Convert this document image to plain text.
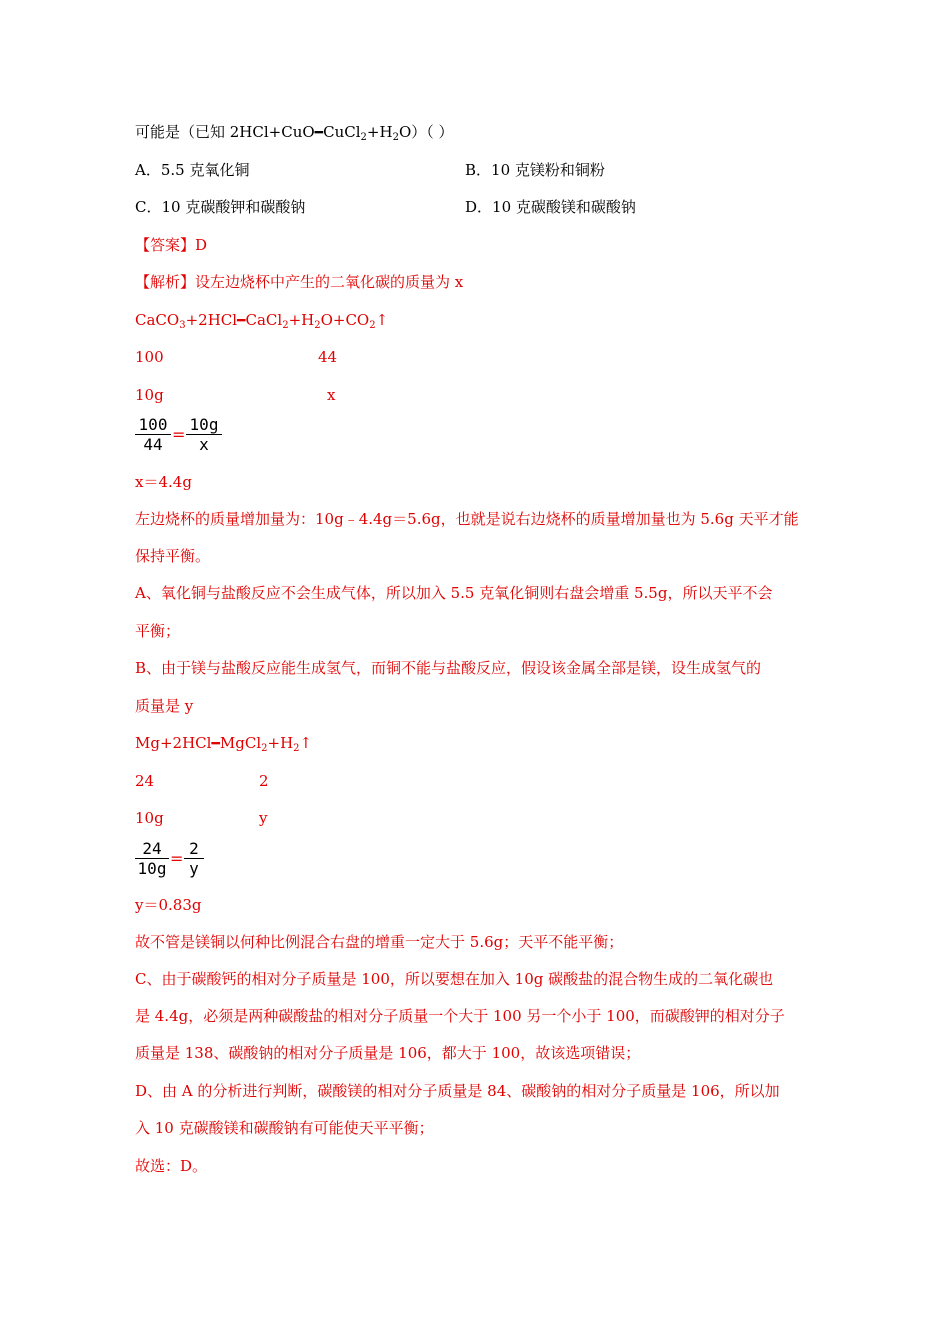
可能是（已知 $2HCl+CuO━CuCl_2+H_2O$）（ ）
A．5.5 克氧化铜	B．10 克镁粉和铜粉
C．10 克碳酸钾和碳酸钠	D．10 克碳酸镁和碳酸钠
【答案】D
【解析】设左边烧杯中产生的二氧化碳的质量为 x
$CaCO_3+2HCl━CaCl_2+H_2O+CO_2↑$
100	44
10g	x
$\frac{100}{44} = \frac{10g}{x}$
x＝4.4g
左边烧杯的质量增加量为：10g﹣4.4g＝5.6g，也就是说右边烧杯的质量增加量也为 5.6g 天平才能
保持平衡。
A、氧化铜与盐酸反应不会生成气体，所以加入 5.5 克氧化铜则右盘会增重 5.5g，所以天平不会
平衡；
B、由于镁与盐酸反应能生成氢气，而铜不能与盐酸反应，假设该金属全部是镁，设生成氢气的
质量是 y
$Mg+2HCl━MgCl_2+H_2↑$
24	2
10g	y
$\frac{24}{10g} = \frac{2}{y}$
y＝0.83g
故不管是镁铜以何种比例混合右盘的增重一定大于 5.6g；天平不能平衡；
C、由于碳酸钙的相对分子质量是 100，所以要想在加入 10g 碳酸盐的混合物生成的二氧化碳也
是 4.4g，必须是两种碳酸盐的相对分子质量一个大于 100 另一个小于 100，而碳酸钾的相对分子
质量是 138、碳酸钠的相对分子质量是 106，都大于 100，故该选项错误；
D、由 A 的分析进行判断，碳酸镁的相对分子质量是 84、碳酸钠的相对分子质量是 106，所以加
入 10 克碳酸镁和碳酸钠有可能使天平平衡；
故选：D。
